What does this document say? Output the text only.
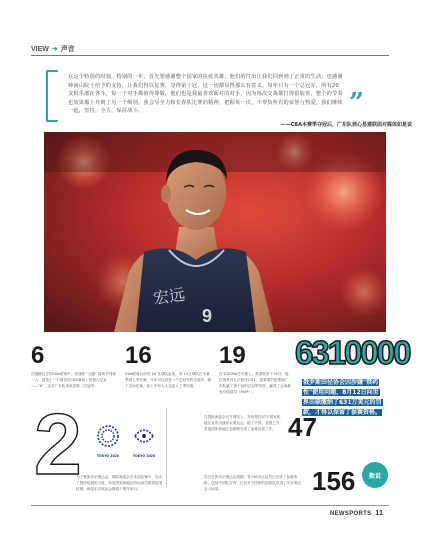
VIEW ➔ 声音

在这个特别的时刻，特别的一年，首先要感谢整个国家的抗疫英雄，他们的付出让我们回到到了正常的生活；也感谢钟南山院士给予的支持，让我们得以复赛，夺得第十冠，这一切都显得那么有意义。每年只有一个总冠军，所有20支俱乐部在各斗，每一个对手都值得尊敬，他们也是我最喜欢面对的对手，因为每次交战都打得很胶着，整个的节奏也效果都上升到了另一个级别，我会尽全力和长春队比赛的精神，把握每一次，不辜负所有的荣誉与热爱，我们继续一起，坚持，全力，保持战斗。	”
——CBA本赛季夺冠后，广东队核心易建联面对媒体如是说
宏远
9
6
在刚刚过去的CBA联赛中，易建联 "大腿" 周琦并列第一人，创造了一个球员在CBA赛场上的惊人纪录——"6"，这对广东队来说是第二次冠军。
16
CBA联赛目前有 16 支球队参加，有 10支球队在本赛季进入季后赛，今年可以说是一个总冠军的夺冠年，除了这场比赛，前十中有七人也进入了季后赛。
19
在本届CBA总决赛上，易建联拿下19分，他在赛季内几次取得1对1，更重要的是帮助广东队赢下第十冠的总冠军奖杯，赢得了全场最有价值球员（MVP）。
6310000
俄罗斯田径协会因涉嫌"禁药性"使用问题，8月12日向世界田联缴纳了631万美元的罚款，才得以保留了参赛资格。
2
为了筹备东京奥运会，国际奥委会在本届比赛中，加大了禁药检测的力度，所有国家和地区的运动员都将接受检测，两届东京奥运会都将于明年举行。
TOKYO 2020	TOKYO 2020
在国际奥委会官方网站上，共有超过47个国家和地区宣布出战东京奥运会，除了中国、美国之外，其他国家和地区也相继完成了参赛选拔工作。 47
在过去的东京奥运会周期，有156名运动员已完成了参赛资格，包括中国队在内，已有多个国家的国家队获得了东京奥运会入场券。	156 数说
NEWSPORTS 11
